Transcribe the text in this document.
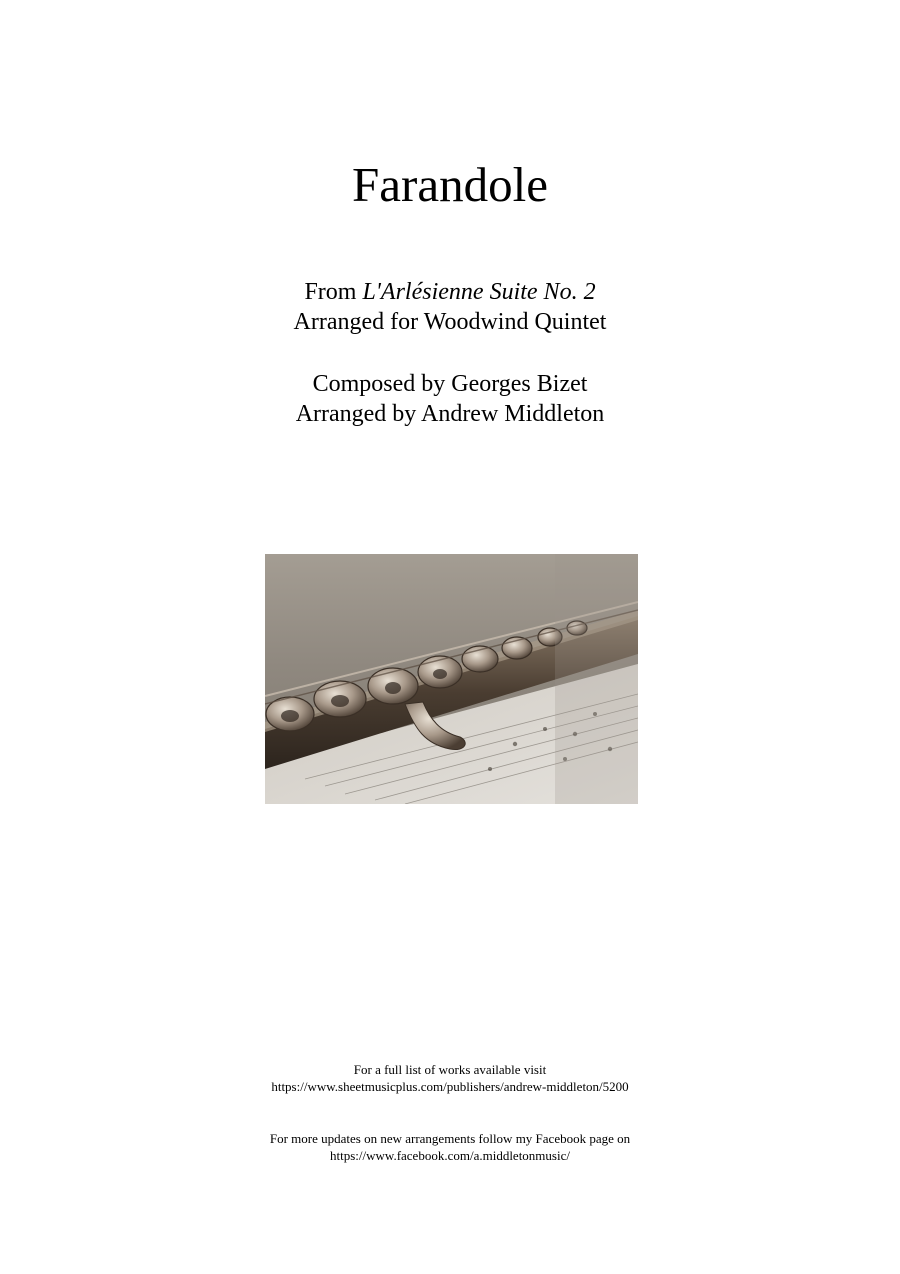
Farandole
From L'Arlésienne Suite No. 2
Arranged for Woodwind Quintet
Composed by Georges Bizet
Arranged by Andrew Middleton
For a full list of works available visit
https://www.sheetmusicplus.com/publishers/andrew-middleton/5200
For more updates on new arrangements follow my Facebook page on
https://www.facebook.com/a.middletonmusic/
